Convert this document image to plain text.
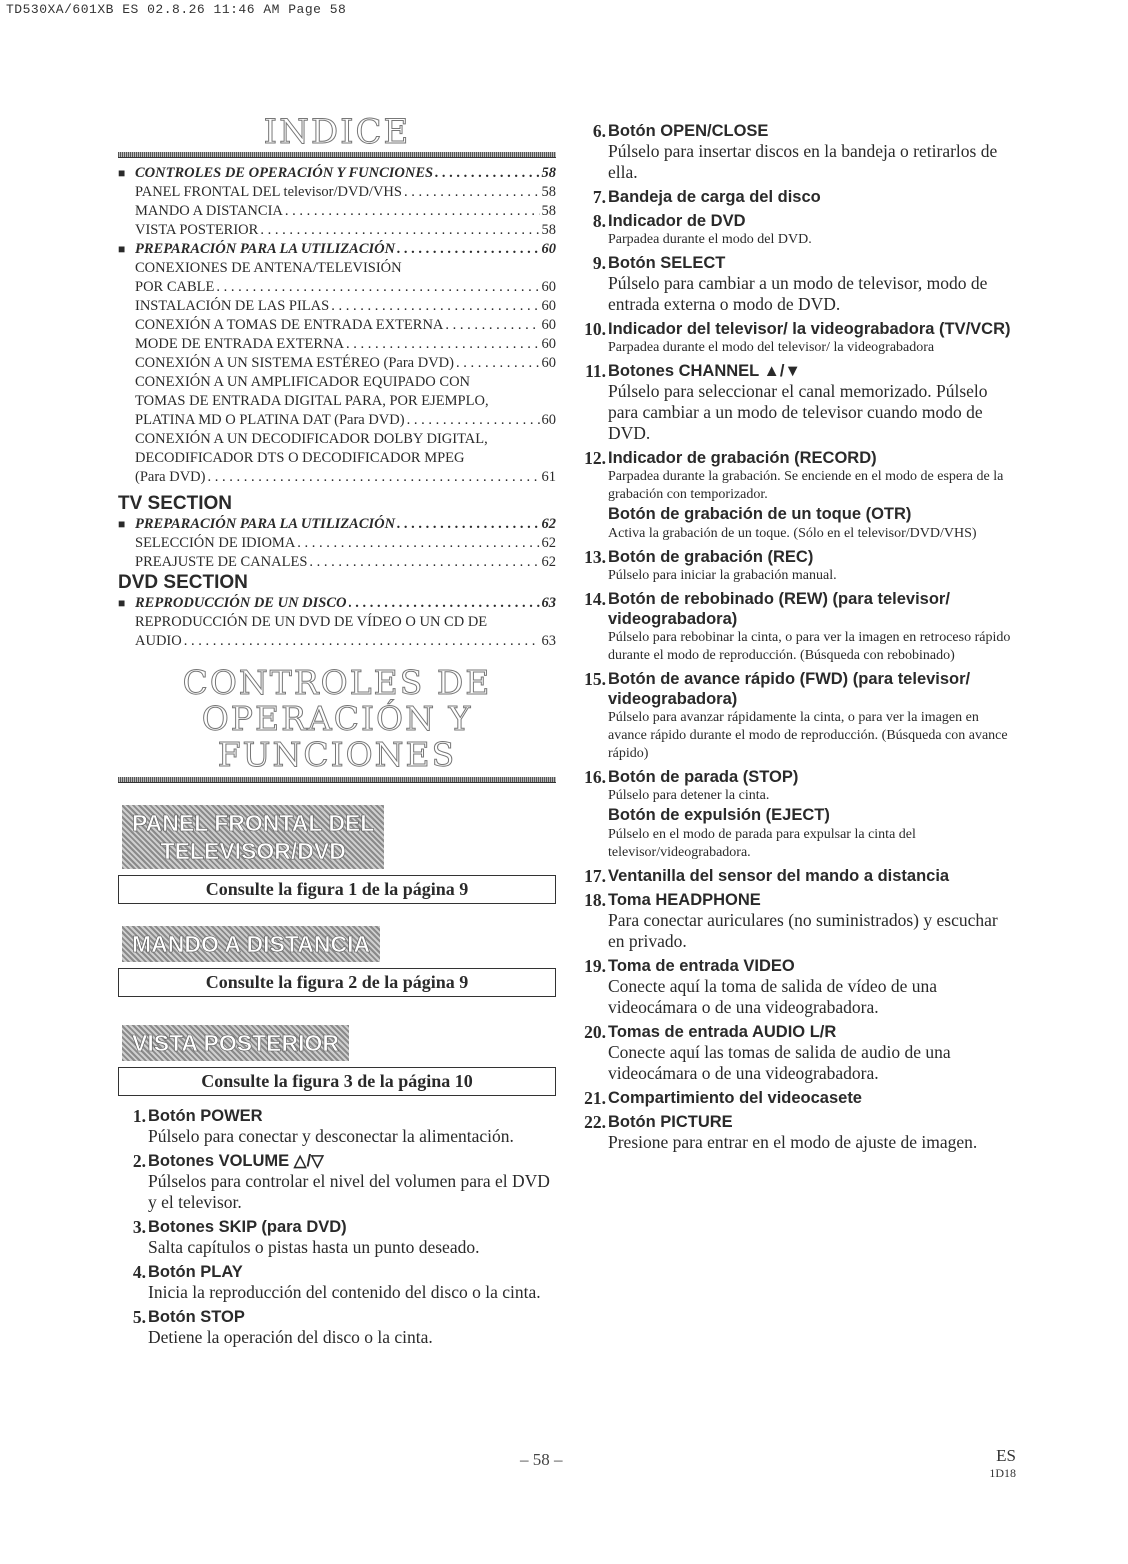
TD530XA/601XB ES 02.8.26 11:46 AM Page 58
INDICE
■ CONTROLES DE OPERACIÓN Y FUNCIONES . . .	58
PANEL FRONTAL DEL televisor/DVD/VHS . . .	58
MANDO A DISTANCIA . . .	58
VISTA POSTERIOR . . .	58
■ PREPARACIÓN PARA LA UTILIZACIÓN . . .	60
CONEXIONES DE ANTENA/TELEVISIÓN
POR CABLE . . .	60
INSTALACIÓN DE LAS PILAS . . .	60
CONEXIÓN A TOMAS DE ENTRADA EXTERNA . . .	60
MODE DE ENTRADA EXTERNA . . .	60
CONEXIÓN A UN SISTEMA ESTÉREO (Para DVD) . . .	60
CONEXIÓN A UN AMPLIFICADOR EQUIPADO CON
TOMAS DE ENTRADA DIGITAL PARA, POR EJEMPLO,
PLATINA MD O PLATINA DAT (Para DVD) . . .	60
CONEXIÓN A UN DECODIFICADOR DOLBY DIGITAL,
DECODIFICADOR DTS O DECODIFICADOR MPEG
(Para DVD) . . .	61
TV SECTION
■ PREPARACIÓN PARA LA UTILIZACIÓN . . .	62
SELECCIÓN DE IDIOMA . . .	62
PREAJUSTE DE CANALES . . .	62
DVD SECTION
■ REPRODUCCIÓN DE UN DISCO . . .	63
REPRODUCCIÓN DE UN DVD DE VÍDEO O UN CD DE
AUDIO . . .	63
CONTROLES DE
OPERACIÓN Y FUNCIONES
PANEL FRONTAL DEL
TELEVISOR/DVD
Consulte la figura 1 de la página 9
MANDO A DISTANCIA
Consulte la figura 2 de la página 9
VISTA POSTERIOR
Consulte la figura 3 de la página 10
1. Botón POWER
Púlselo para conectar y desconectar la alimentación.
2. Botones VOLUME △/▽
Púlselos para controlar el nivel del volumen para el DVD y el televisor.
3. Botones SKIP (para DVD)
Salta capítulos o pistas hasta un punto deseado.
4. Botón PLAY
Inicia la reproducción del contenido del disco o la cinta.
5. Botón STOP
Detiene la operación del disco o la cinta.
6. Botón OPEN/CLOSE
Púlselo para insertar discos en la bandeja o retirarlos de ella.
7. Bandeja de carga del disco
8. Indicador de DVD
Parpadea durante el modo del DVD.
9. Botón SELECT
Púlselo para cambiar a un modo de televisor, modo de entrada externa o modo de DVD.
10. Indicador del televisor/ la videograbadora (TV/VCR)
Parpadea durante el modo del televisor/ la videograbadora
11. Botones CHANNEL ▲/▼
Púlselo para seleccionar el canal memorizado. Púlselo para cambiar a un modo de televisor cuando modo de DVD.
12. Indicador de grabación (RECORD)
Parpadea durante la grabación. Se enciende en el modo de espera de la grabación con temporizador.
Botón de grabación de un toque (OTR)
Activa la grabación de un toque. (Sólo en el televisor/DVD/VHS)
13. Botón de grabación (REC)
Púlselo para iniciar la grabación manual.
14. Botón de rebobinado (REW) (para televisor/ videograbadora)
Púlselo para rebobinar la cinta, o para ver la imagen en retroceso rápido durante el modo de reproducción. (Búsqueda con rebobinado)
15. Botón de avance rápido (FWD) (para televisor/ videograbadora)
Púlselo para avanzar rápidamente la cinta, o para ver la imagen en avance rápido durante el modo de reproducción. (Búsqueda con avance rápido)
16. Botón de parada (STOP)
Púlselo para detener la cinta.
Botón de expulsión (EJECT)
Púlselo en el modo de parada para expulsar la cinta del televisor/videograbadora.
17. Ventanilla del sensor del mando a distancia
18. Toma HEADPHONE
Para conectar auriculares (no suministrados) y escuchar en privado.
19. Toma de entrada VIDEO
Conecte aquí la toma de salida de vídeo de una videocámara o de una videograbadora.
20. Tomas de entrada AUDIO L/R
Conecte aquí las tomas de salida de audio de una videocámara o de una videograbadora.
21. Compartimiento del videocasete
22. Botón PICTURE
Presione para entrar en el modo de ajuste de imagen.
– 58 –	ES
1D18
